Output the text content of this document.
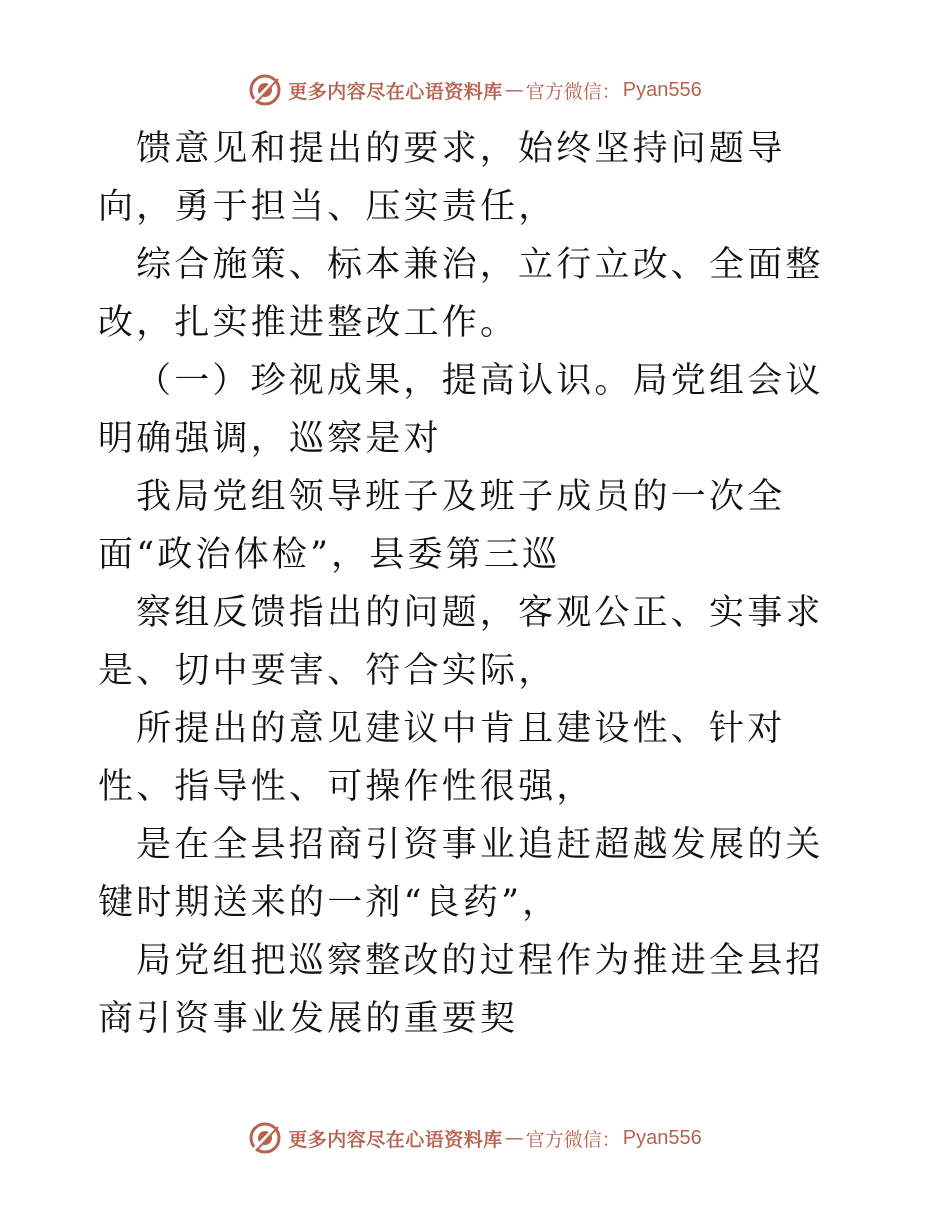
更多内容尽在心语资料库 — 官方微信： Pyan556

馈意见和提出的要求，始终坚持问题导向，勇于担当、压实责任，

综合施策、标本兼治，立行立改、全面整改，扎实推进整改工作。

（一）珍视成果，提高认识。局党组会议明确强调，巡察是对

我局党组领导班子及班子成员的一次全面“政治体检”，县委第三巡

察组反馈指出的问题，客观公正、实事求是、切中要害、符合实际，

所提出的意见建议中肯且建设性、针对性、指导性、可操作性很强，

是在全县招商引资事业追赶超越发展的关键时期送来的一剂“良药”，

局党组把巡察整改的过程作为推进全县招商引资事业发展的重要契

更多内容尽在心语资料库 — 官方微信： Pyan556
